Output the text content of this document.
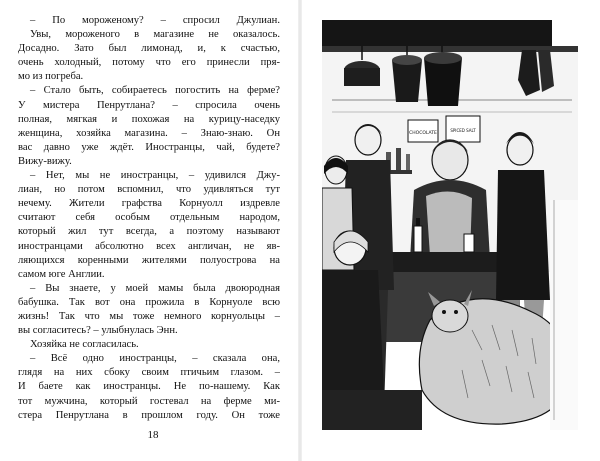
– По мороженому? – спросил Джулиан.
Увы, мороженого в магазине не оказалось.
Досадно. Зато был лимонад, и, к счастью,
очень холодный, потому что его принесли пря-
мо из погреба.
– Стало быть, собираетесь погостить на ферме?
У мистера Пенрутлана? – спросила очень
полная, мягкая и похожая на курицу-наседку
женщина, хозяйка магазина. – Знаю-знаю. Он
вас давно уже ждёт. Иностранцы, чай, будете?
Вижу-вижу.
– Нет, мы не иностранцы, – удивился Джу-
лиан, но потом вспомнил, что удивляться тут
нечему. Жители графства Корнуолл издревле
считают себя особым отдельным народом,
который жил тут всегда, а поэтому называют
иностранцами абсолютно всех англичан, не яв-
ляющихся коренными жителями полуострова на
самом юге Англии.
– Вы знаете, у моей мамы была двоюродная
бабушка. Так вот она прожила в Корнуоле всю
жизнь! Так что мы тоже немного корнуольцы –
вы согласитесь? – улыбнулась Энн.
Хозяйка не согласилась.
– Всё одно иностранцы, – сказала она,
глядя на них сбоку своим птичьим глазом. –
И баете как иностранцы. Не по-нашему. Как
тот мужчина, который гостевал на ферме ми-
стера Пенрутлана в прошлом году. Он тоже
18
CHOCOLATE
SPICED SALT
